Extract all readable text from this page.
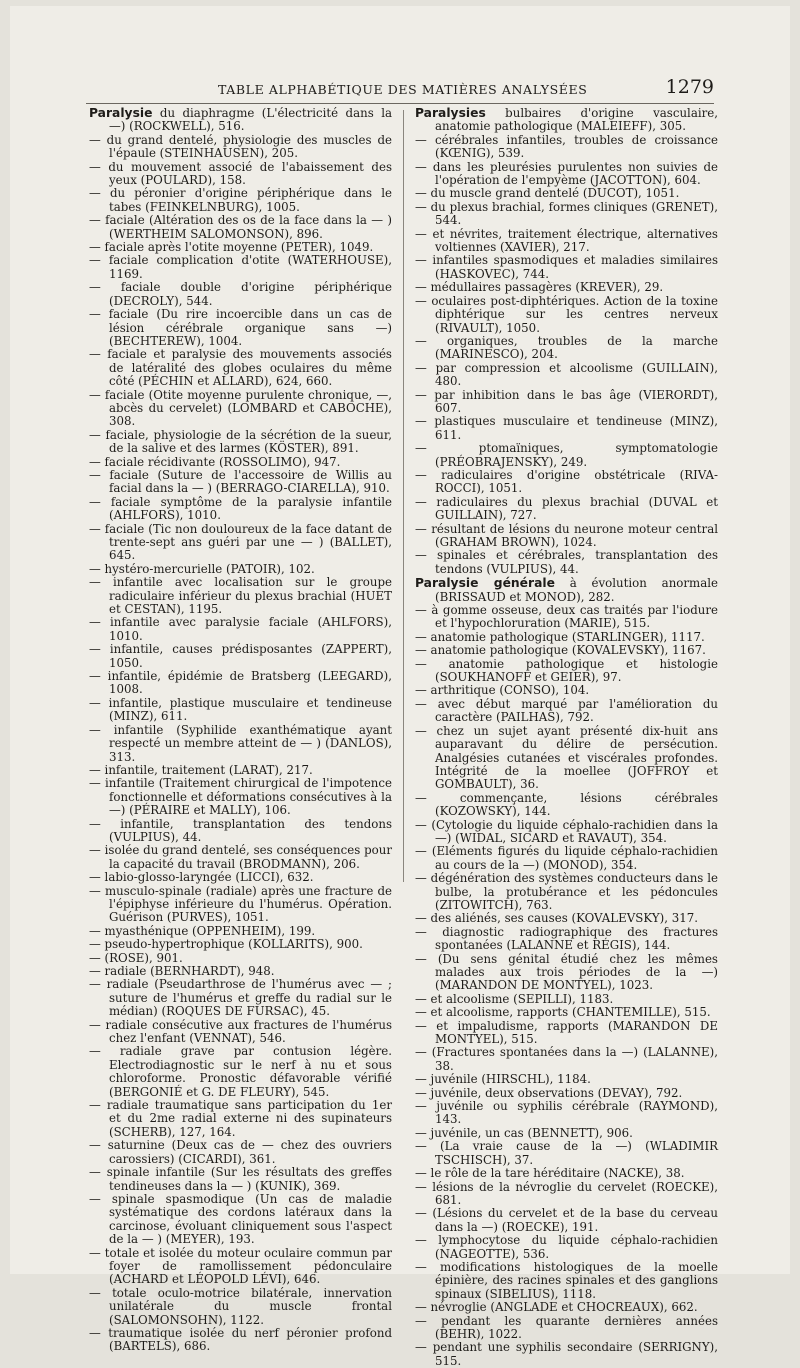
TABLE ALPHABÉTIQUE DES MATIÈRES ANALYSÉES	1279
Paralysie du diaphragme (L'électricité dans la —) (ROCKWELL), 516.
— du grand dentelé, physiologie des muscles de l'épaule (STEINHAUSEN), 205.
— du mouvement associé de l'abaissement des yeux (POULARD), 158.
— du péronier d'origine périphérique dans le tabes (FEINKELNBURG), 1005.
— faciale (Altération des os de la face dans la — ) (WERTHEIM SALOMONSON), 896.
— faciale après l'otite moyenne (PETER), 1049.
— faciale complication d'otite (WATERHOUSE), 1169.
— faciale double d'origine périphérique (DECROLY), 544.
— faciale (Du rire incoercible dans un cas de lésion cérébrale organique sans —) (BECHTEREW), 1004.
— faciale et paralysie des mouvements associés de latéralité des globes oculaires du même côté (PÉCHIN et ALLARD), 624, 660.
— faciale (Otite moyenne purulente chronique, —, abcès du cervelet) (LOMBARD et CABOCHE), 308.
— faciale, physiologie de la sécrétion de la sueur, de la salive et des larmes (KÖSTER), 891.
— faciale récidivante (ROSSOLIMO), 947.
— faciale (Suture de l'accessoire de Willis au facial dans la — ) (BERRAGO-CIARELLA), 910.
— faciale symptôme de la paralysie infantile (AHLFORS), 1010.
— faciale (Tic non douloureux de la face datant de trente-sept ans guéri par une — ) (BALLET), 645.
— hystéro-mercurielle (PATOIR), 102.
— infantile avec localisation sur le groupe radiculaire inférieur du plexus brachial (HUET et CESTAN), 1195.
— infantile avec paralysie faciale (AHLFORS), 1010.
— infantile, causes prédisposantes (ZAPPERT), 1050.
— infantile, épidémie de Bratsberg (LEEGARD), 1008.
— infantile, plastique musculaire et tendineuse (MINZ), 611.
— infantile (Syphilide exanthématique ayant respecté un membre atteint de — ) (DANLOS), 313.
— infantile, traitement (LARAT), 217.
— infantile (Traitement chirurgical de l'impotence fonctionnelle et déformations consécutives à la —) (PÉRAIRE et MALLY), 106.
— infantile, transplantation des tendons (VULPIUS), 44.
— isolée du grand dentelé, ses conséquences pour la capacité du travail (BRODMANN), 206.
— labio-glosso-laryngée (LICCI), 632.
— musculo-spinale (radiale) après une fracture de l'épiphyse inférieure du l'humérus. Opération. Guérison (PURVES), 1051.
— myasthénique (OPPENHEIM), 199.
— pseudo-hypertrophique (KOLLARITS), 900.
— (ROSE), 901.
— radiale (BERNHARDT), 948.
— radiale (Pseudarthrose de l'humérus avec — ; suture de l'humérus et greffe du radial sur le médian) (ROQUES DE FURSAC), 45.
— radiale consécutive aux fractures de l'humérus chez l'enfant (VENNAT), 546.
— radiale grave par contusion légère. Electrodiagnostic sur le nerf à nu et sous chloroforme. Pronostic défavorable vérifié (BERGONIÉ et G. DE FLEURY), 545.
— radiale traumatique sans participation du 1er et du 2me radial externe ni des supinateurs (SCHERB), 127, 164.
— saturnine (Deux cas de — chez des ouvriers carossiers) (CICARDI), 361.
— spinale infantile (Sur les résultats des greffes tendineuses dans la — ) (KUNIK), 369.
— spinale spasmodique (Un cas de maladie systématique des cordons latéraux dans la carcinose, évoluant cliniquement sous l'aspect de la — ) (MEYER), 193.
— totale et isolée du moteur oculaire commun par foyer de ramollissement pédonculaire (ACHARD et LÉOPOLD LÉVI), 646.
— totale oculo-motrice bilatérale, innervation unilatérale du muscle frontal (SALOMONSOHN), 1122.
— traumatique isolée du nerf péronier profond (BARTELS), 686.
Paralysies bulbaires d'origine vasculaire, anatomie pathologique (MALEIEFF), 305.
— cérébrales infantiles, troubles de croissance (KŒNIG), 539.
— dans les pleurésies purulentes non suivies de l'opération de l'empyème (JACOTTON), 604.
— du muscle grand dentelé (DUCOT), 1051.
— du plexus brachial, formes cliniques (GRENET), 544.
— et névrites, traitement électrique, alternatives voltiennes (XAVIER), 217.
— infantiles spasmodiques et maladies similaires (HASKOVEC), 744.
— médullaires passagères (KREVER), 29.
— oculaires post-diphtériques. Action de la toxine diphtérique sur les centres nerveux (RIVAULT), 1050.
— organiques, troubles de la marche (MARINESCO), 204.
— par compression et alcoolisme (GUILLAIN), 480.
— par inhibition dans le bas âge (VIERORDT), 607.
— plastiques musculaire et tendineuse (MINZ), 611.
— ptomaïniques, symptomatologie (PRÉOBRAJENSKY), 249.
— radiculaires d'origine obstétricale (RIVA-ROCCI), 1051.
— radiculaires du plexus brachial (DUVAL et GUILLAIN), 727.
— résultant de lésions du neurone moteur central (GRAHAM BROWN), 1024.
— spinales et cérébrales, transplantation des tendons (VULPIUS), 44.
Paralysie générale à évolution anormale (BRISSAUD et MONOD), 282.
— à gomme osseuse, deux cas traités par l'iodure et l'hypochloruration (MARIE), 515.
— anatomie pathologique (STARLINGER), 1117.
— anatomie pathologique (KOVALEVSKY), 1167.
— anatomie pathologique et histologie (SOUKHANOFF et GEIER), 97.
— arthritique (CONSO), 104.
— avec début marqué par l'amélioration du caractère (PAILHAS), 792.
— chez un sujet ayant présenté dix-huit ans auparavant du délire de persécution. Analgésies cutanées et viscérales profondes. Intégrité de la moellee (JOFFROY et GOMBAULT), 36.
— commençante, lésions cérébrales (KOZOWSKY), 144.
— (Cytologie du liquide céphalo-rachidien dans la —) (WIDAL, SICARD et RAVAUT), 354.
— (Eléments figurés du liquide céphalo-rachidien au cours de la —) (MONOD), 354.
— dégénération des systèmes conducteurs dans le bulbe, la protubérance et les pédoncules (ZITOWITCH), 763.
— des aliénés, ses causes (KOVALEVSKY), 317.
— diagnostic radiographique des fractures spontanées (LALANNE et RÉGIS), 144.
— (Du sens génital étudié chez les mêmes malades aux trois périodes de la —) (MARANDON DE MONTYEL), 1023.
— et alcoolisme (SEPILLI), 1183.
— et alcoolisme, rapports (CHANTEMILLE), 515.
— et impaludisme, rapports (MARANDON DE MONTYEL), 515.
— (Fractures spontanées dans la —) (LALANNE), 38.
— juvénile (HIRSCHL), 1184.
— juvénile, deux observations (DEVAY), 792.
— juvénile ou syphilis cérébrale (RAYMOND), 143.
— juvénile, un cas (BENNETT), 906.
— (La vraie cause de la —) (WLADIMIR TSCHISCH), 37.
— le rôle de la tare héréditaire (NACKE), 38.
— lésions de la névroglie du cervelet (ROECKE), 681.
— (Lésions du cervelet et de la base du cerveau dans la —) (ROECKE), 191.
— lymphocytose du liquide céphalo-rachidien (NAGEOTTE), 536.
— modifications histologiques de la moelle épinière, des racines spinales et des ganglions spinaux (SIBELIUS), 1118.
— névroglie (ANGLADE et CHOCREAUX), 662.
— pendant les quarante dernières années (BEHR), 1022.
— pendant une syphilis secondaire (SERRIGNY), 515.
